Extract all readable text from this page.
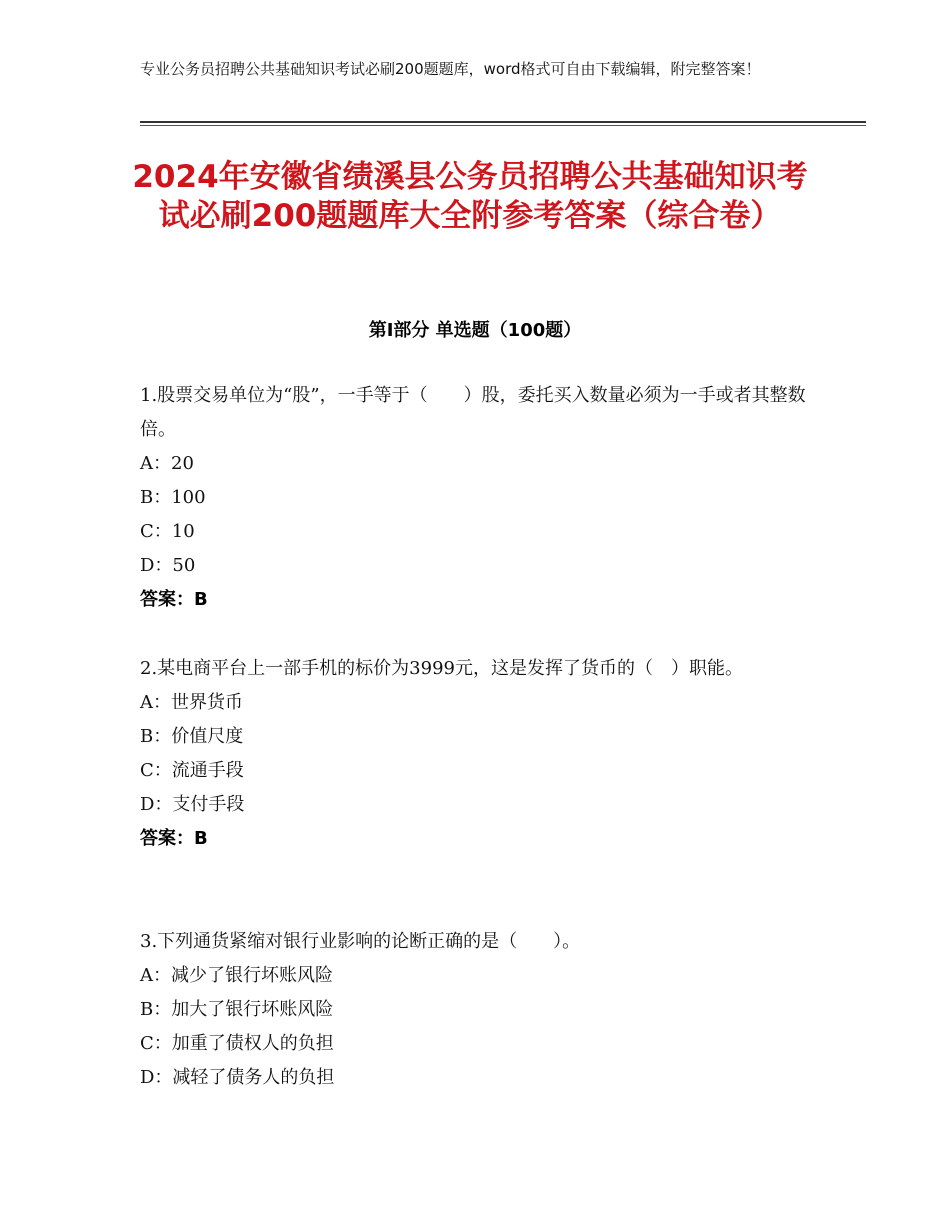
专业公务员招聘公共基础知识考试必刷200题题库，word格式可自由下载编辑，附完整答案！
2024年安徽省绩溪县公务员招聘公共基础知识考试必刷200题题库大全附参考答案（综合卷）
第Ⅰ部分 单选题（100题）
1.股票交易单位为“股”，一手等于（　　）股，委托买入数量必须为一手或者其整数倍。
A：20
B：100
C：10
D：50
答案：B
2.某电商平台上一部手机的标价为3999元，这是发挥了货币的（　）职能。
A：世界货币
B：价值尺度
C：流通手段
D：支付手段
答案：B
3.下列通货紧缩对银行业影响的论断正确的是（　　）。
A：减少了银行坏账风险
B：加大了银行坏账风险
C：加重了债权人的负担
D：减轻了债务人的负担
